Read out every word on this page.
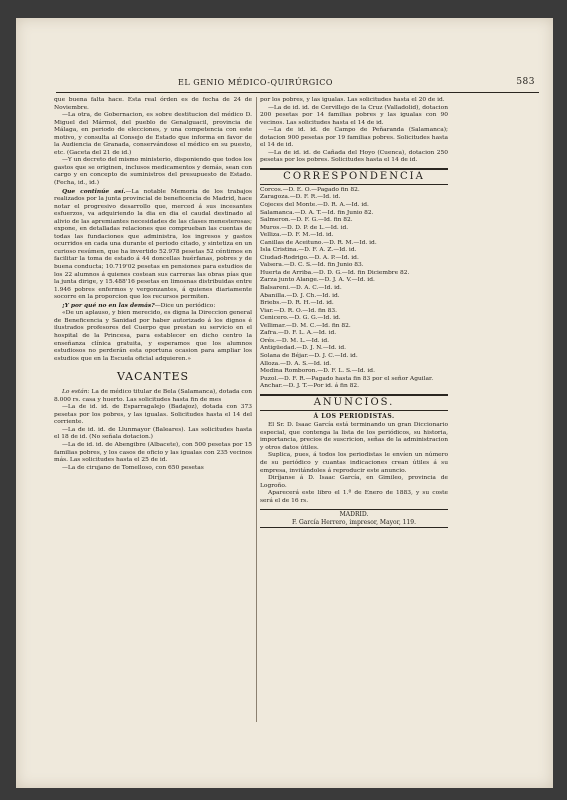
EL GENIO MÉDICO-QUIRÚRGICO	583

que buena falta hace. Esta real órden es de fecha de 24 de Noviembre.

—La otra, de Gobernacion, es sobre destitucion del médico D. Miguel del Mármol, del pueblo de Genalguacil, provincia de Málaga, en periodo de elecciones, y una competencia con este motivo, y consulta al Consejo de Estado que informa en favor de la Audiencia de Granada, conservándose el médico en su puesto, etc. (Gaceta del 21 de id.)

—Y un decreto del mismo ministerio, disponiendo que todos los gastos que se originen, inclusos medicamentos y demás, sean con cargo y en concepto de suministros del presupuesto de Estado. (Fecha, id., id.)

Que continúe así.—La notable Memoria de los trabajos realizados por la junta provincial de beneficencia de Madrid, hace notar el progresivo desarrollo que, merced á sus incesantes esfuerzos, va adquiriendo la dia en dia el caudal destinado al alivio de las apremiantes necesidades de las clases menesterosas; expone, en detalladas relaciones que comprueban las cuentas de todas las fundaciones que administra, los ingresos y gastos ocurridos en cada una durante el periodo citado, y sintetiza en un curioso resúmen, que ha invertido 52.978 pesetas 52 céntimos en facilitar la toma de estado á 44 doncellas huérfanas, pobres y de buena conducta; 10.719'02 pesetas en pensiones para estudios de los 22 alumnos á quienes costean sus carreras las obras pías que la junta dirige, y 15.488'16 pesetas en limosnas distribuidas entre 1.946 pobres enfermos y vergonzantes, á quienes diariamente socorre en la proporcion que los recursos permiten.

¡Y por qué no en las demás?—Dice un periódico:

«De un aplauso, y bien merecido, es digna la Direccion general de Beneficencia y Sanidad por haber autorizado á los dignos é ilustrados profesores del Cuerpo que prestan su servicio en el hospital de la Princesa, para establecer en dicho centro la enseñanza clínica gratuita, y esperamos que los alumnos estudiosos no perderán esta oportuna ocasion para ampliar los estudios que en la Escuela oficial adquieren.»

VACANTES

Lo están: La de médico titular de Bela (Salamanca), dotada con 8.000 rs. casa y huerto. Las solicitudes hasta fin de mes

—La de id. id. de Esparragalejo (Badajoz), dotada con 373 pesetas por los pobres, y las igualas. Solicitudes hasta el 14 del corriente.

—La de id. id. de Llunmayor (Baleares). Las solicitudes hasta el 18 de id. (No señala dotacion.)

—La de id. id. de Abengibre (Albacete), con 500 pesetas por 15 familias pobres, y los casos de oficio y las igualas con 235 vecinos más. Las solicitudes hasta el 25 de id.

—La de cirujano de Tomelloso, con 650 pesetas

por los pobres, y las igualas. Las solicitudes hasta el 20 de id.

—La de id. id. de Cervillejo de la Cruz (Valladolid), dotacion 200 pesetas por 14 familias pobres y las igualas con 90 vecinos. Las solicitudes hasta el 14 de id.

—La de id. id. de Campo de Peñaranda (Salamanca); dotacion 900 pesetas por 19 familias pobres. Solicitudes hasta el 14 de id.

—La de id. id. de Cañada del Hoyo (Cuenca), dotacion 250 pesetas por los pobres. Solicitudes hasta el 14 de id.

CORRESPONDENCIA

Corcos.—D. E. O.—Pagado fin 82.

Zaragoza.—D. F. R.—Id. id.

Cojeces del Monte.—D. R. A.—Id. id.

Salamanca.—D. A. T.—Id. fin Junio 82.

Salmeron.—D. F. G.—Id. fin 82.

Muros.—D. D. P. de L.—Id. id.

Velliza.—D. F. M.—Id. id.

Canillas de Aceituno.—D. R. M.—Id. id.

Isla Cristina.—D. F. A. Z.—Id. id.

Ciudad-Rodrigo.—D. A. P.—Id. id.

Valsera.—D. C. S.—Id. fin Junio 83.

Huerta de Arriba.—D. D. G.—Id. fin Diciembre 82.

Zarza junto Alange.—D. J. A. V.—Id. id.

Balsareni.—D. A. C.—Id. id.

Abanilla.—D. J. Ch.—Id. id.

Briebs.—D. R. H.—Id. id.

Viar.—D. R. O.—Id. fin 83.

Cenicero.—D. G. G.—Id. id.

Vellimar.—D. M. C.—Id. fin 82.

Zafra.—D. F. L. A.—Id. id.

Orés.—D. M. L.—Id. id.

Antigüedad.—D. J. N.—Id. id.

Solana de Béjar.—D. J. C.—Id. id.

Alloza.—D. A. S.—Id. id.

Medina Romboron.—D. F. L. S.—Id. id.

Puzol.—D. F. R.—Pagado hasta fin 83 por el señor Aguilar.

Anchar.—D. J. T.—Por id. á fin 82.

ANUNCIOS.
Á LOS PERIODISTAS.

El Sr. D. Isaac García está terminando un gran Diccionario especial, que contenga la lista de los periódicos, su historia, importancia, precios de suscricion, señas de la administracion y otros datos útiles.

Suplica, pues, á todos los periodistas le envíen un número de su periódico y cuantas indicaciones crean útiles á su empresa, invitándoles á reproducir este anuncio.

Diríjanse á D. Isaac García, en Gimileo, provincia de Logroño.

Aparecerá este libro el 1.º de Enero de 1883, y su coste será el de 16 rs.

MADRID.
F. García Herrero, impresor, Mayor, 119.
